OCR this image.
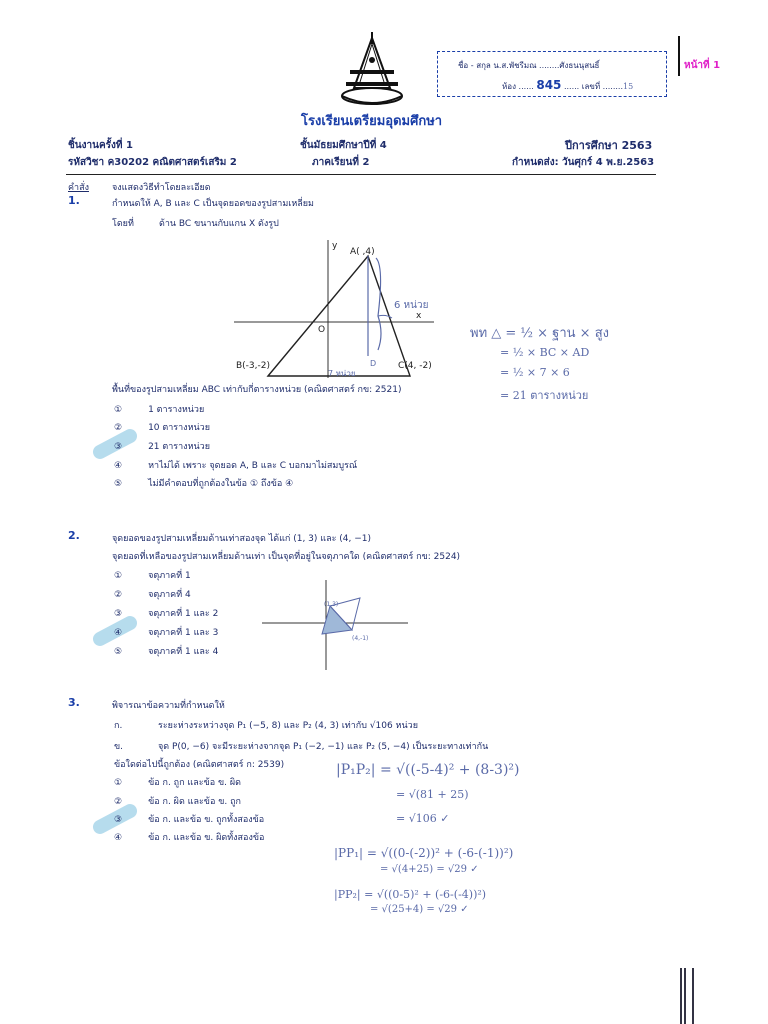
ชื่อ - สกุล น.ส.พัชรีมณ ........ศังธนนุสนธิ์
ห้อง ...... 845 ...... เลขที่ ........15
หน้าที่ 1
โรงเรียนเตรียมอุดมศึกษา
ชิ้นงานครั้งที่ 1	ชั้นมัธยมศึกษาปีที่ 4	ปีการศึกษา 2563
รหัสวิชา ค30202 คณิตศาสตร์เสริม 2	ภาคเรียนที่ 2	กำหนดส่ง: วันศุกร์ 4 พ.ย.2563
คำสั่ง	จงแสดงวิธีทำโดยละเอียด
1.	กำหนดให้ A, B และ C เป็นจุดยอดของรูปสามเหลี่ยม
โดยที่	ด้าน BC ขนานกับแกน X ดังรูป
y
x
O
A( ,4)
B(-3,-2)	C(4, -2)
D
7 หน่วย
6 หน่วย
พท △ = ½ × ฐาน × สูง
= ½ × BC × AD
= ½ × 7 × 6
= 21 ตารางหน่วย
พื้นที่ของรูปสามเหลี่ยม ABC เท่ากับกี่ตารางหน่วย (คณิตศาสตร์ กข: 2521)
①	1 ตารางหน่วย
②	10 ตารางหน่วย
③	21 ตารางหน่วย
④	หาไม่ได้ เพราะ จุดยอด A, B และ C บอกมาไม่สมบูรณ์
⑤	ไม่มีคำตอบที่ถูกต้องในข้อ ① ถึงข้อ ④
2.	จุดยอดของรูปสามเหลี่ยมด้านเท่าสองจุด ได้แก่ (1, 3) และ (4, −1)
จุดยอดที่เหลือของรูปสามเหลี่ยมด้านเท่า เป็นจุดที่อยู่ในจตุภาคใด (คณิตศาสตร์ กข: 2524)
①	จตุภาคที่ 1
②	จตุภาคที่ 4
③	จตุภาคที่ 1 และ 2
④	จตุภาคที่ 1 และ 3
⑤	จตุภาคที่ 1 และ 4
(1,3)
(4,-1)
3.	พิจารณาข้อความที่กำหนดให้
ก.	ระยะห่างระหว่างจุด P₁ (−5, 8) และ P₂ (4, 3) เท่ากับ √106 หน่วย
ข.	จุด P(0, −6) จะมีระยะห่างจากจุด P₁ (−2, −1) และ P₂ (5, −4) เป็นระยะทางเท่ากัน
ข้อใดต่อไปนี้ถูกต้อง (คณิตศาสตร์ ก: 2539)
①	ข้อ ก. ถูก และข้อ ข. ผิด
②	ข้อ ก. ผิด และข้อ ข. ถูก
③	ข้อ ก. และข้อ ข. ถูกทั้งสองข้อ
④	ข้อ ก. และข้อ ข. ผิดทั้งสองข้อ
|P₁P₂| = √((-5-4)² + (8-3)²)
= √(81 + 25)
= √106 ✓
|PP₁| = √((0-(-2))² + (-6-(-1))²)
= √(4+25) = √29 ✓
|PP₂| = √((0-5)² + (-6-(-4))²)
= √(25+4) = √29 ✓
